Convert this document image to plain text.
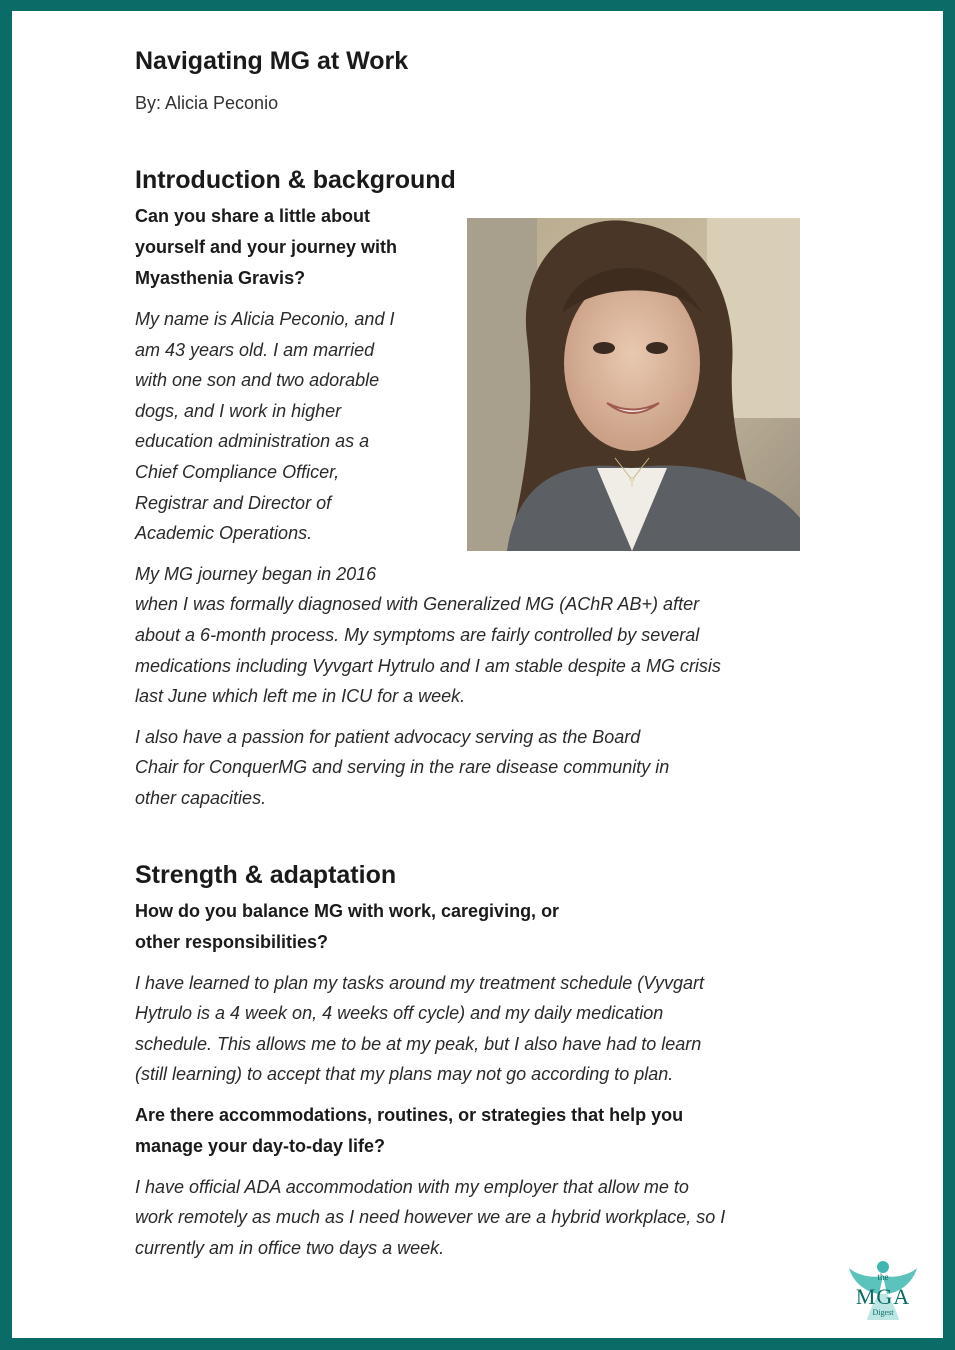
Navigating MG at Work

By: Alicia Peconio

Introduction & background

Can you share a little about

yourself and your journey with

Myasthenia Gravis?

My name is Alicia Peconio, and I

am 43 years old. I am married

with one son and two adorable

dogs, and I work in higher

education administration as a

Chief Compliance Officer,

Registrar and Director of

Academic Operations.

My MG journey began in 2016

when I was formally diagnosed with Generalized MG (AChR AB+) after

about a 6-month process. My symptoms are fairly controlled by several

medications including Vyvgart Hytrulo and I am stable despite a MG crisis

last June which left me in ICU for a week.

I also have a passion for patient advocacy serving as the Board

Chair for ConquerMG and serving in the rare disease community in

other capacities.

Strength & adaptation

How do you balance MG with work, caregiving, or

other responsibilities?

I have learned to plan my tasks around my treatment schedule (Vyvgart

Hytrulo is a 4 week on, 4 weeks off cycle) and my daily medication

schedule. This allows me to be at my peak, but I also have had to learn

(still learning) to accept that my plans may not go according to plan.

Are there accommodations, routines, or strategies that help you

manage your day-to-day life?

I have official ADA accommodation with my employer that allow me to

work remotely as much as I need however we are a hybrid workplace, so I

currently am in office two days a week.

the
MGA
Digest
